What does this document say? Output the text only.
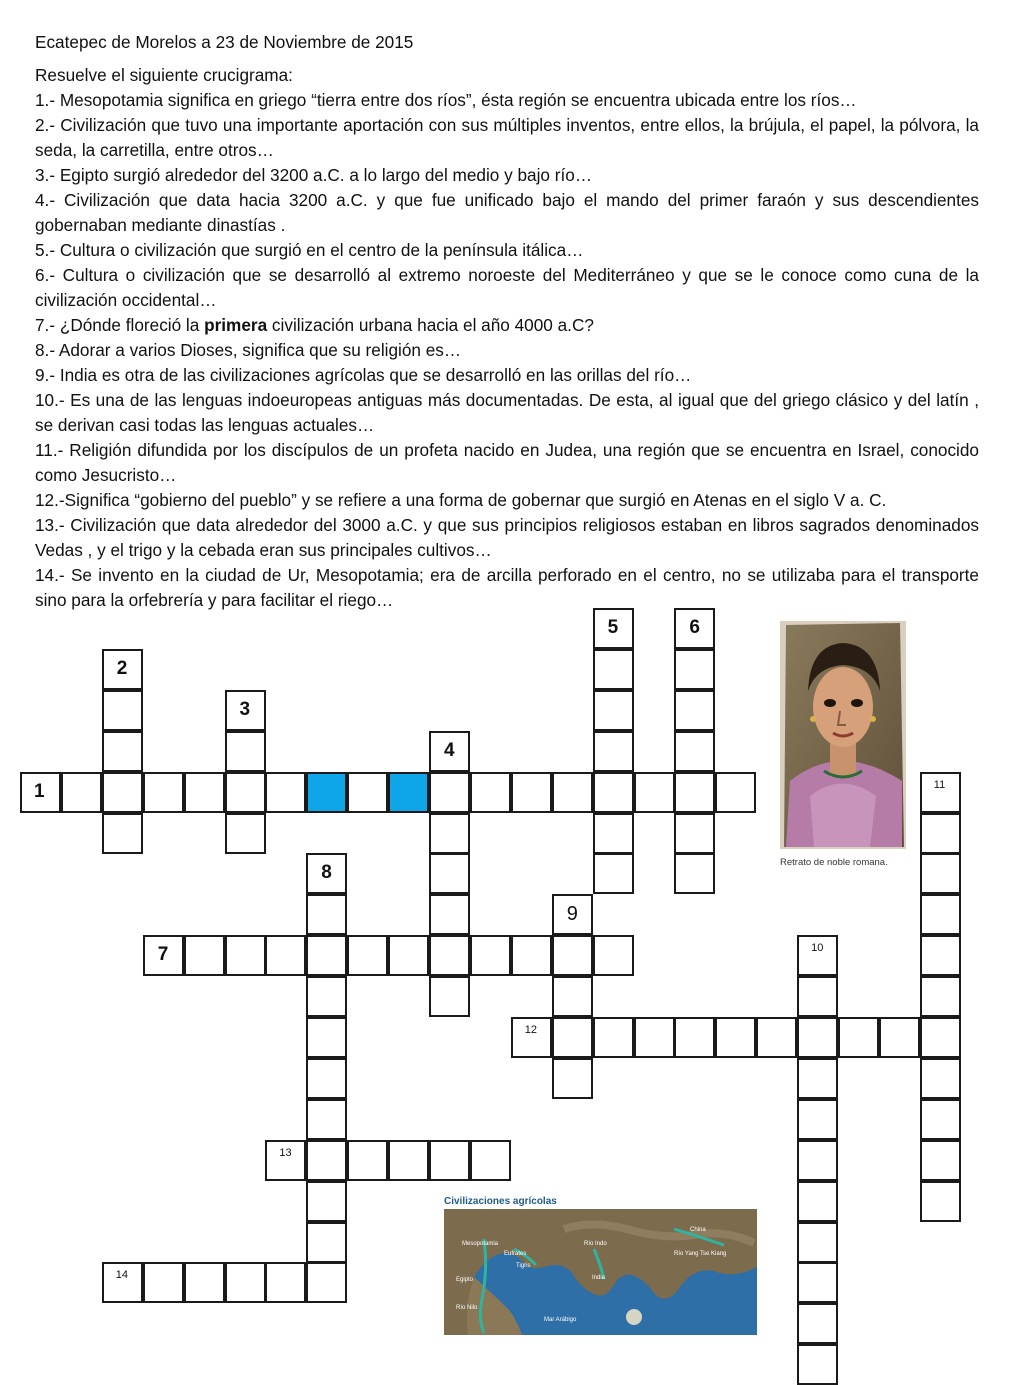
Ecatepec de Morelos a 23 de Noviembre de 2015

Resuelve el siguiente crucigrama:

1.- Mesopotamia significa en griego “tierra entre dos ríos”, ésta región se encuentra ubicada entre los ríos…

2.- Civilización que tuvo una importante aportación con sus múltiples inventos, entre ellos, la brújula, el papel, la pólvora, la seda, la carretilla, entre otros…

3.- Egipto surgió alrededor del 3200 a.C. a lo largo del medio y bajo río…

4.- Civilización que data hacia 3200 a.C. y que fue unificado bajo el mando del primer faraón y sus descendientes gobernaban mediante dinastías .

5.- Cultura o civilización que surgió en el centro de la península itálica…

6.- Cultura o civilización que se desarrolló al extremo noroeste del Mediterráneo y que se le conoce como cuna de la civilización occidental…

7.- ¿Dónde floreció la primera civilización urbana hacia el año 4000 a.C?

8.- Adorar a varios Dioses, significa que su religión es…

9.- India es otra de las civilizaciones agrícolas que se desarrolló en las orillas del río…

10.- Es una de las lenguas indoeuropeas antiguas más documentadas. De esta, al igual que del griego clásico y del latín , se derivan casi todas las lenguas actuales…

11.- Religión difundida por los discípulos de un profeta nacido en Judea, una región que se encuentra en Israel, conocido como Jesucristo…

12.-Significa “gobierno del pueblo” y se refiere a una forma de gobernar que surgió en Atenas en el siglo V a. C.

13.- Civilización que data alrededor del 3000 a.C. y que sus principios religiosos estaban en libros sagrados denominados Vedas , y el trigo y la cebada eran sus principales cultivos…

14.- Se invento en la ciudad de Ur, Mesopotamia; era de arcilla perforado en el centro, no se utilizaba para el transporte sino para la orfebrería y para facilitar el riego…

1
2
3
4
5	6
7
8
9
10
11
12
13
14
Retrato de noble romana.
Civilizaciones agrícolas
Mesopotamia
Egipto
Río Nilo
Eufrates
Tigris
Río Indo
India
China
Río Yang Tse Kiang
Mar Arábigo
